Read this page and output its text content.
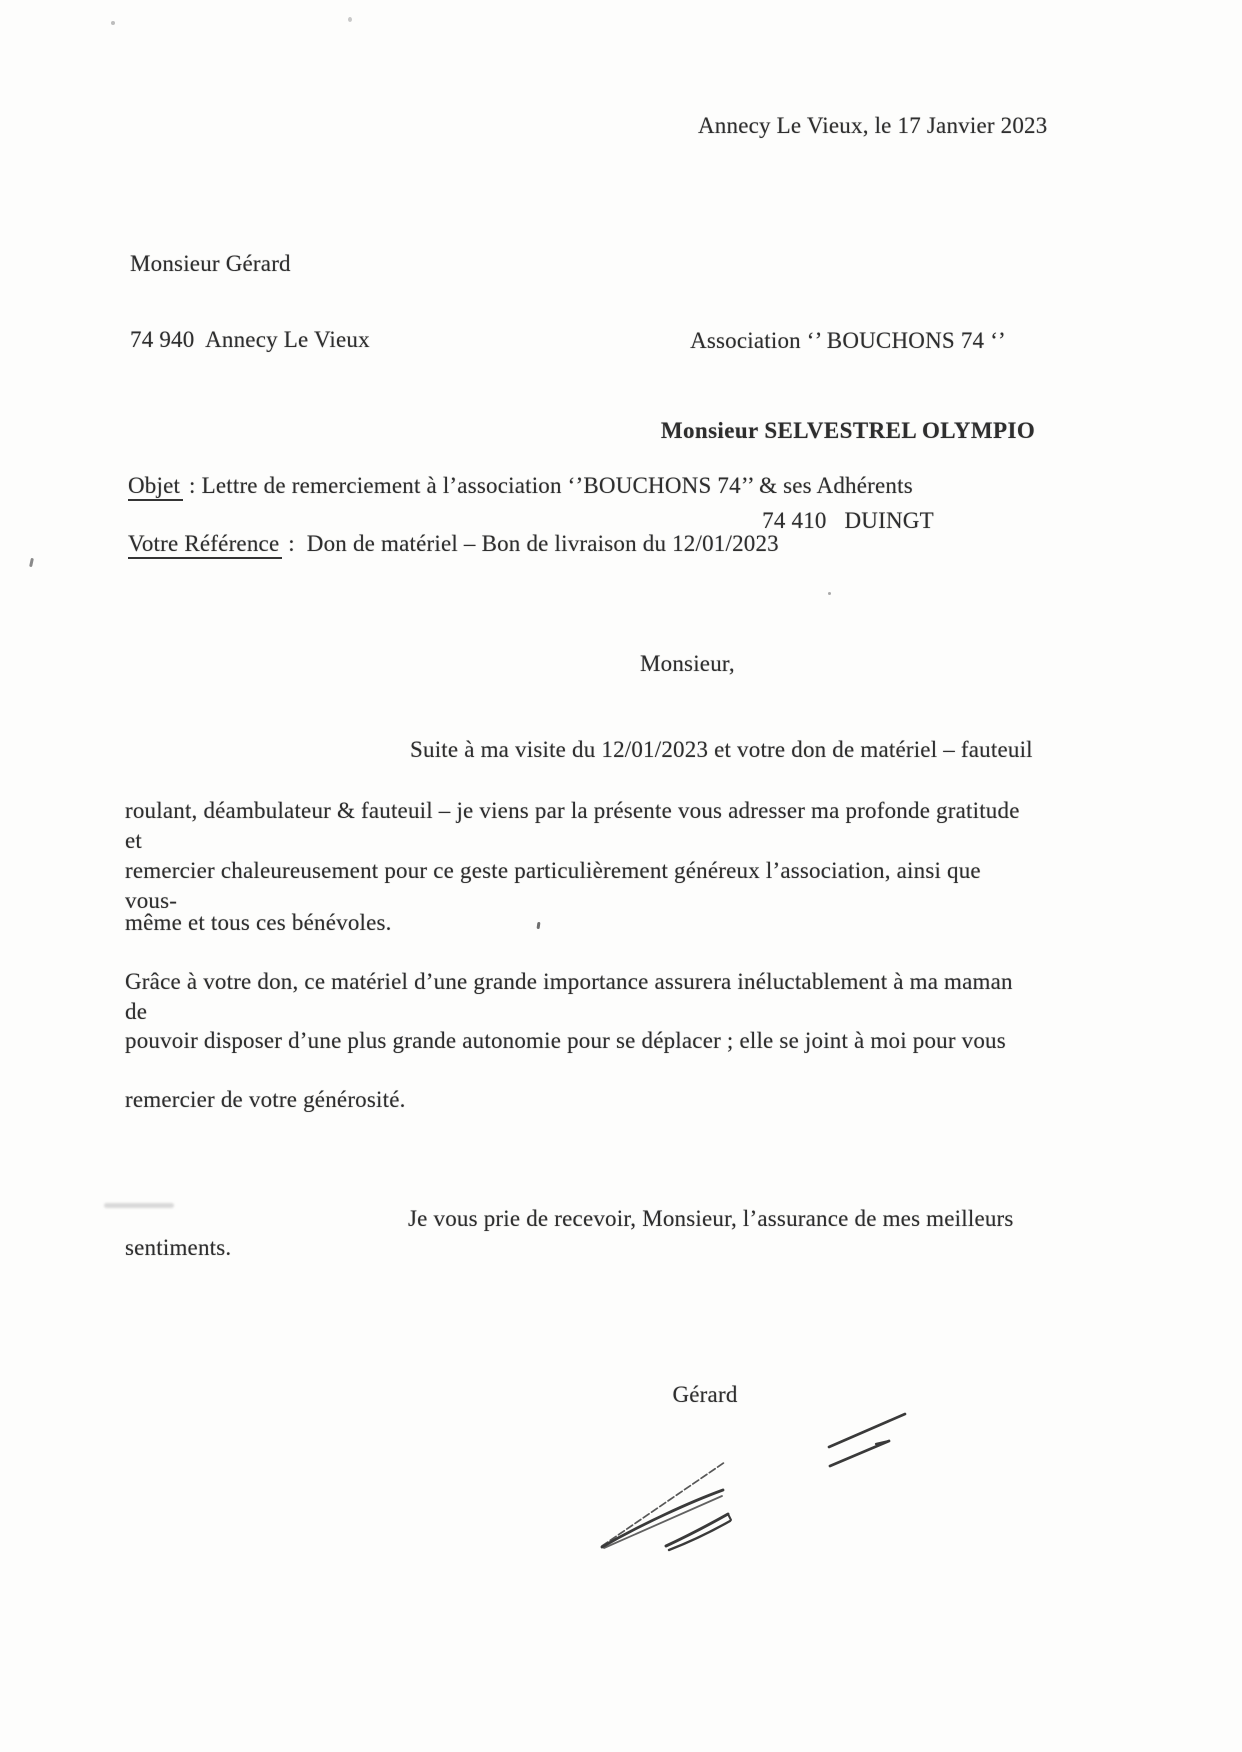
Annecy Le Vieux, le 17 Janvier 2023
Monsieur Gérard
74 940  Annecy Le Vieux

	Association ‘’ BOUCHONS 74 ‘’

Monsieur SELVESTREL OLYMPIO

74 410   DUINGT

Objet : Lettre de remerciement à l’association ‘’BOUCHONS 74’’ & ses Adhérents
Votre Référence :  Don de matériel – Bon de livraison du 12/01/2023
Monsieur,
Suite à ma visite du 12/01/2023 et votre don de matériel – fauteuil
roulant, déambulateur & fauteuil – je viens par la présente vous adresser ma profonde gratitude et
remercier chaleureusement pour ce geste particulièrement généreux l’association, ainsi que vous-
même et tous ces bénévoles.
Grâce à votre don, ce matériel d’une grande importance assurera inéluctablement à ma maman de
pouvoir disposer d’une plus grande autonomie pour se déplacer ; elle se joint à moi pour vous
remercier de votre générosité.
Je vous prie de recevoir, Monsieur, l’assurance de mes meilleurs
sentiments.
Gérard
